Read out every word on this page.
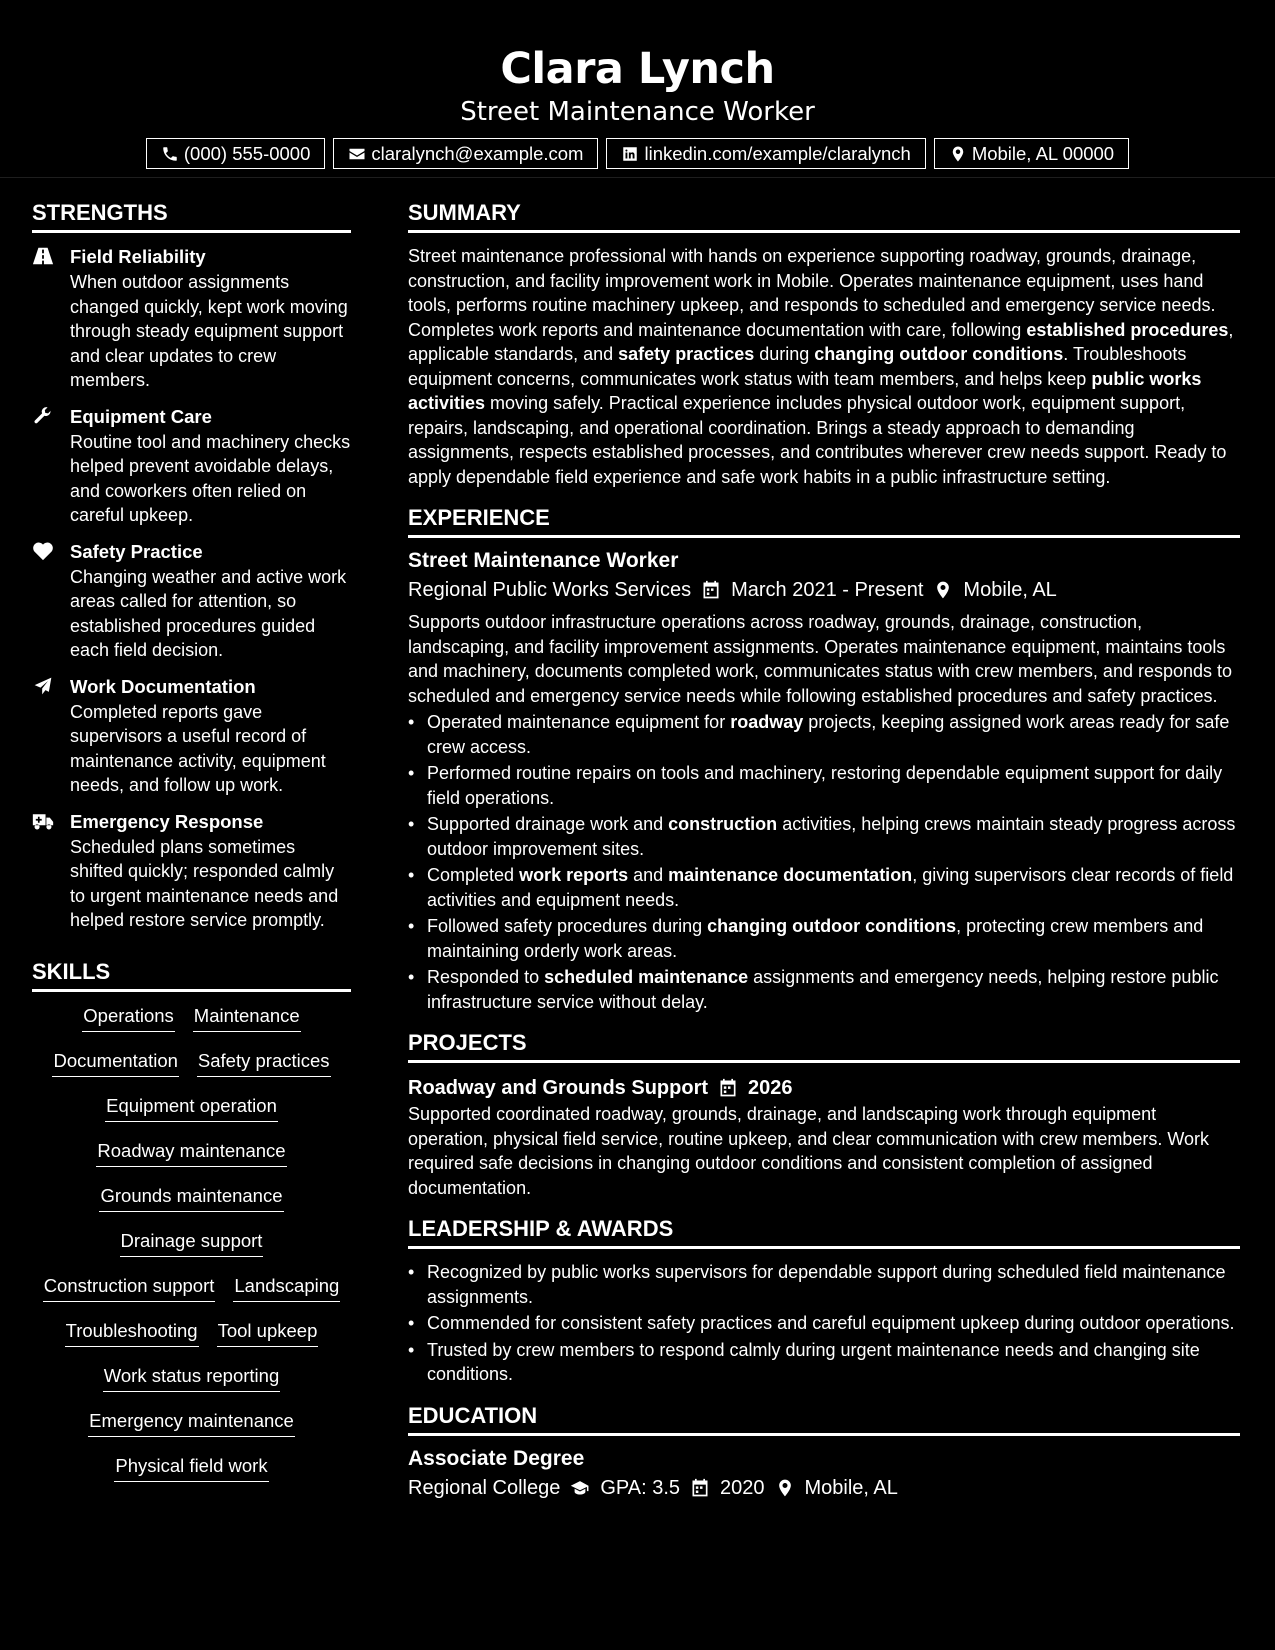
Clara Lynch
Street Maintenance Worker
(000) 555-0000	claralynch@example.com	linkedin.com/example/claralynch	Mobile, AL 00000
STRENGTHS
Field Reliability
When outdoor assignments changed quickly, kept work moving through steady equipment support and clear updates to crew members.
Equipment Care
Routine tool and machinery checks helped prevent avoidable delays, and coworkers often relied on careful upkeep.
Safety Practice
Changing weather and active work areas called for attention, so established procedures guided each field decision.
Work Documentation
Completed reports gave supervisors a useful record of maintenance activity, equipment needs, and follow up work.
Emergency Response
Scheduled plans sometimes shifted quickly; responded calmly to urgent maintenance needs and helped restore service promptly.
SKILLS
Operations Maintenance
Documentation Safety practices
Equipment operation
Roadway maintenance
Grounds maintenance
Drainage support
Construction support Landscaping
Troubleshooting Tool upkeep
Work status reporting
Emergency maintenance
Physical field work
SUMMARY

Street maintenance professional with hands on experience supporting roadway, grounds, drainage, construction, and facility improvement work in Mobile. Operates maintenance equipment, uses hand tools, performs routine machinery upkeep, and responds to scheduled and emergency service needs. Completes work reports and maintenance documentation with care, following established procedures, applicable standards, and safety practices during changing outdoor conditions. Troubleshoots equipment concerns, communicates work status with team members, and helps keep public works activities moving safely. Practical experience includes physical outdoor work, equipment support, repairs, landscaping, and operational coordination. Brings a steady approach to demanding assignments, respects established processes, and contributes wherever crew needs support. Ready to apply dependable field experience and safe work habits in a public infrastructure setting.

EXPERIENCE
Street Maintenance Worker
Regional Public Works Services March 2021 - Present Mobile, AL

Supports outdoor infrastructure operations across roadway, grounds, drainage, construction, landscaping, and facility improvement assignments. Operates maintenance equipment, maintains tools and machinery, documents completed work, communicates status with crew members, and responds to scheduled and emergency service needs while following established procedures and safety practices.

• Operated maintenance equipment for roadway projects, keeping assigned work areas ready for safe crew access.
• Performed routine repairs on tools and machinery, restoring dependable equipment support for daily field operations.
• Supported drainage work and construction activities, helping crews maintain steady progress across outdoor improvement sites.
• Completed work reports and maintenance documentation, giving supervisors clear records of field activities and equipment needs.
• Followed safety procedures during changing outdoor conditions, protecting crew members and maintaining orderly work areas.
• Responded to scheduled maintenance assignments and emergency needs, helping restore public infrastructure service without delay.
PROJECTS
Roadway and Grounds Support 2026

Supported coordinated roadway, grounds, drainage, and landscaping work through equipment operation, physical field service, routine upkeep, and clear communication with crew members. Work required safe decisions in changing outdoor conditions and consistent completion of assigned documentation.

LEADERSHIP & AWARDS
• Recognized by public works supervisors for dependable support during scheduled field maintenance assignments.
• Commended for consistent safety practices and careful equipment upkeep during outdoor operations.
• Trusted by crew members to respond calmly during urgent maintenance needs and changing site conditions.
EDUCATION
Associate Degree
Regional College GPA: 3.5 2020 Mobile, AL
